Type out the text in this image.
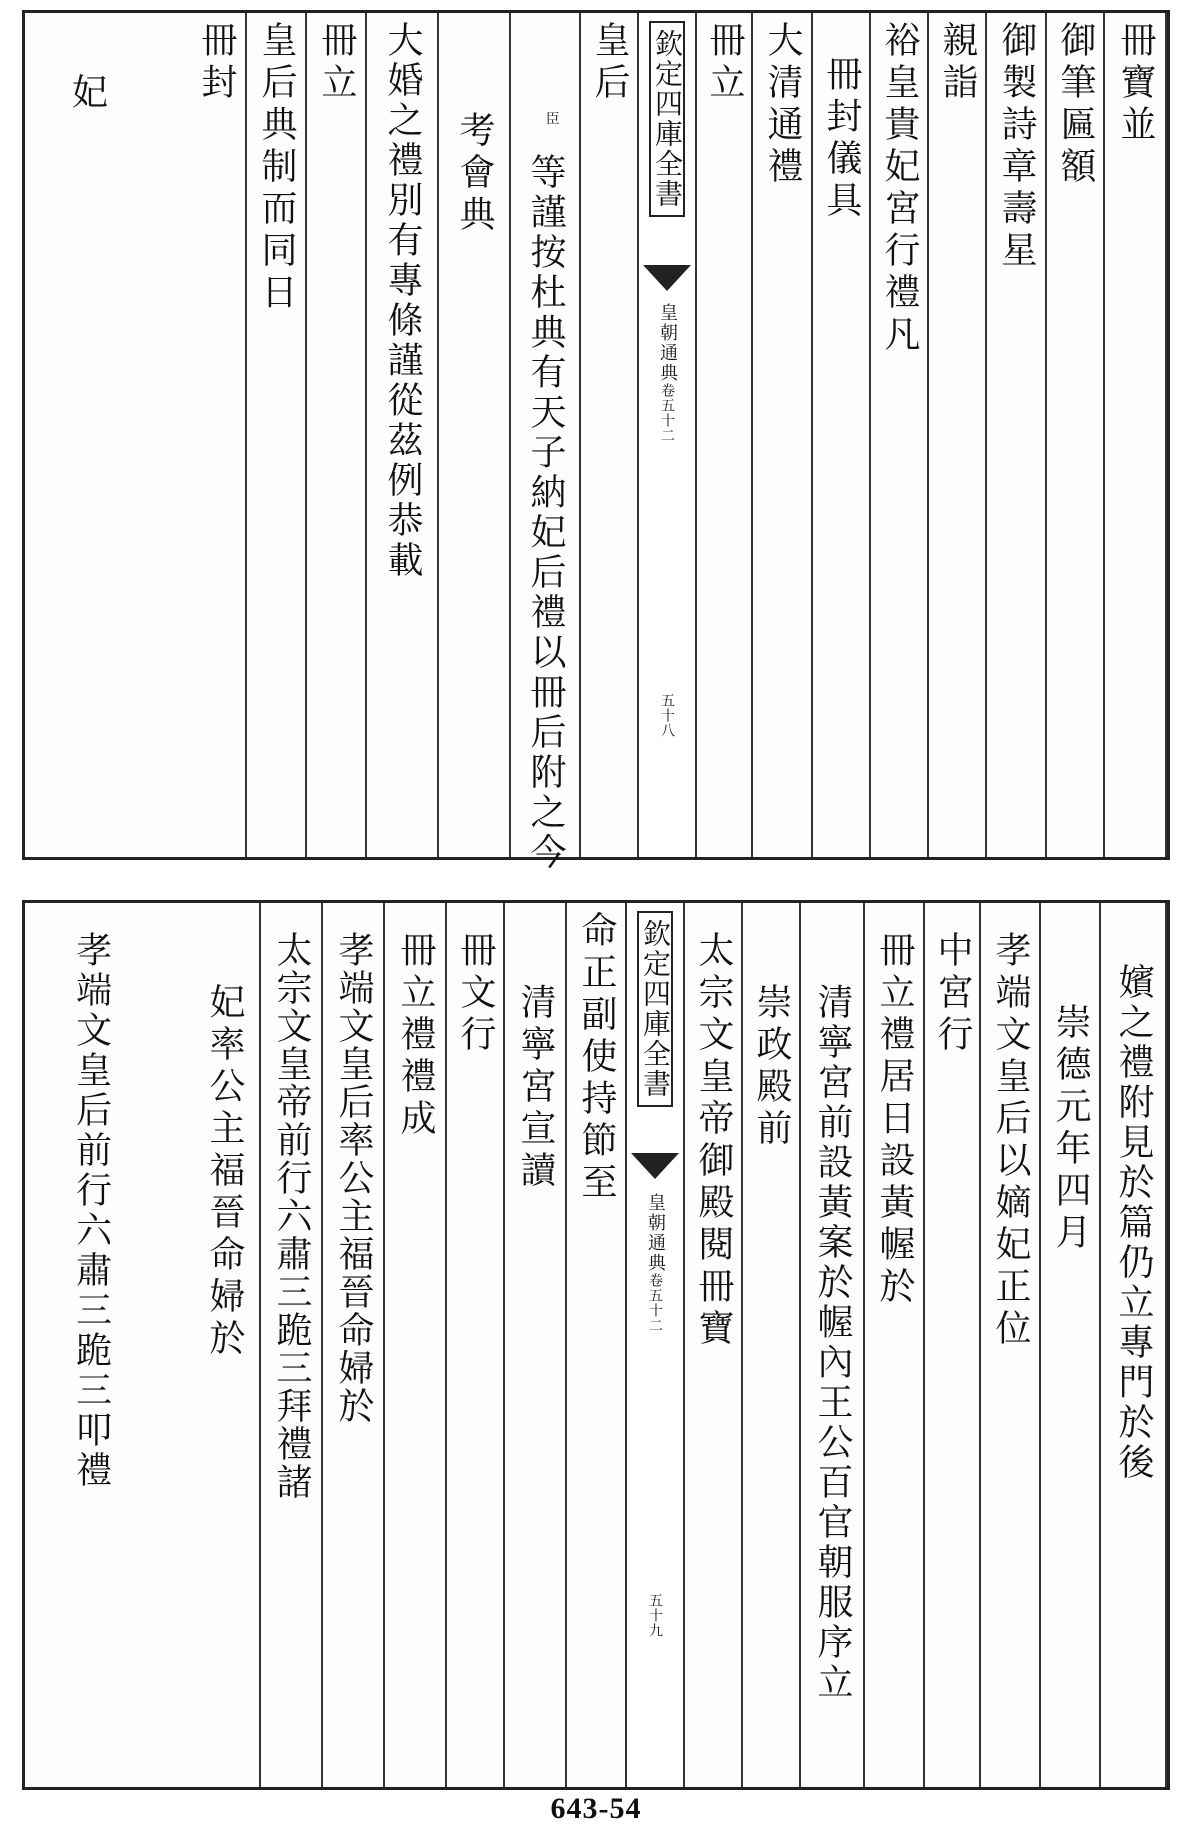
冊寶並
御筆匾額
御製詩章壽星
親詣
裕皇貴妃宮行禮凡
冊封儀具
大清通禮
冊立
欽定四庫全書
皇朝通典
卷五十二
五十八
皇后
臣
等謹按杜典有天子納妃后禮以冊后附之今
考會典
大婚之禮別有專條謹從茲例恭載
冊立
皇后典制而同日
冊封
妃
嬪之禮附見於篇仍立專門於後
崇德元年四月
孝端文皇后以嫡妃正位
中宮行
冊立禮居日設黃幄於
清寧宮前設黃案於幄內王公百官朝服序立
崇政殿前
太宗文皇帝御殿閱冊寶
欽定四庫全書
皇朝通典
卷五十二
五十九
命正副使持節至
清寧宮宣讀
冊文行
冊立禮禮成
孝端文皇后率公主福晉命婦於
太宗文皇帝前行六肅三跪三拜禮諸
妃率公主福晉命婦於
孝端文皇后前行六肅三跪三叩禮
643-54
